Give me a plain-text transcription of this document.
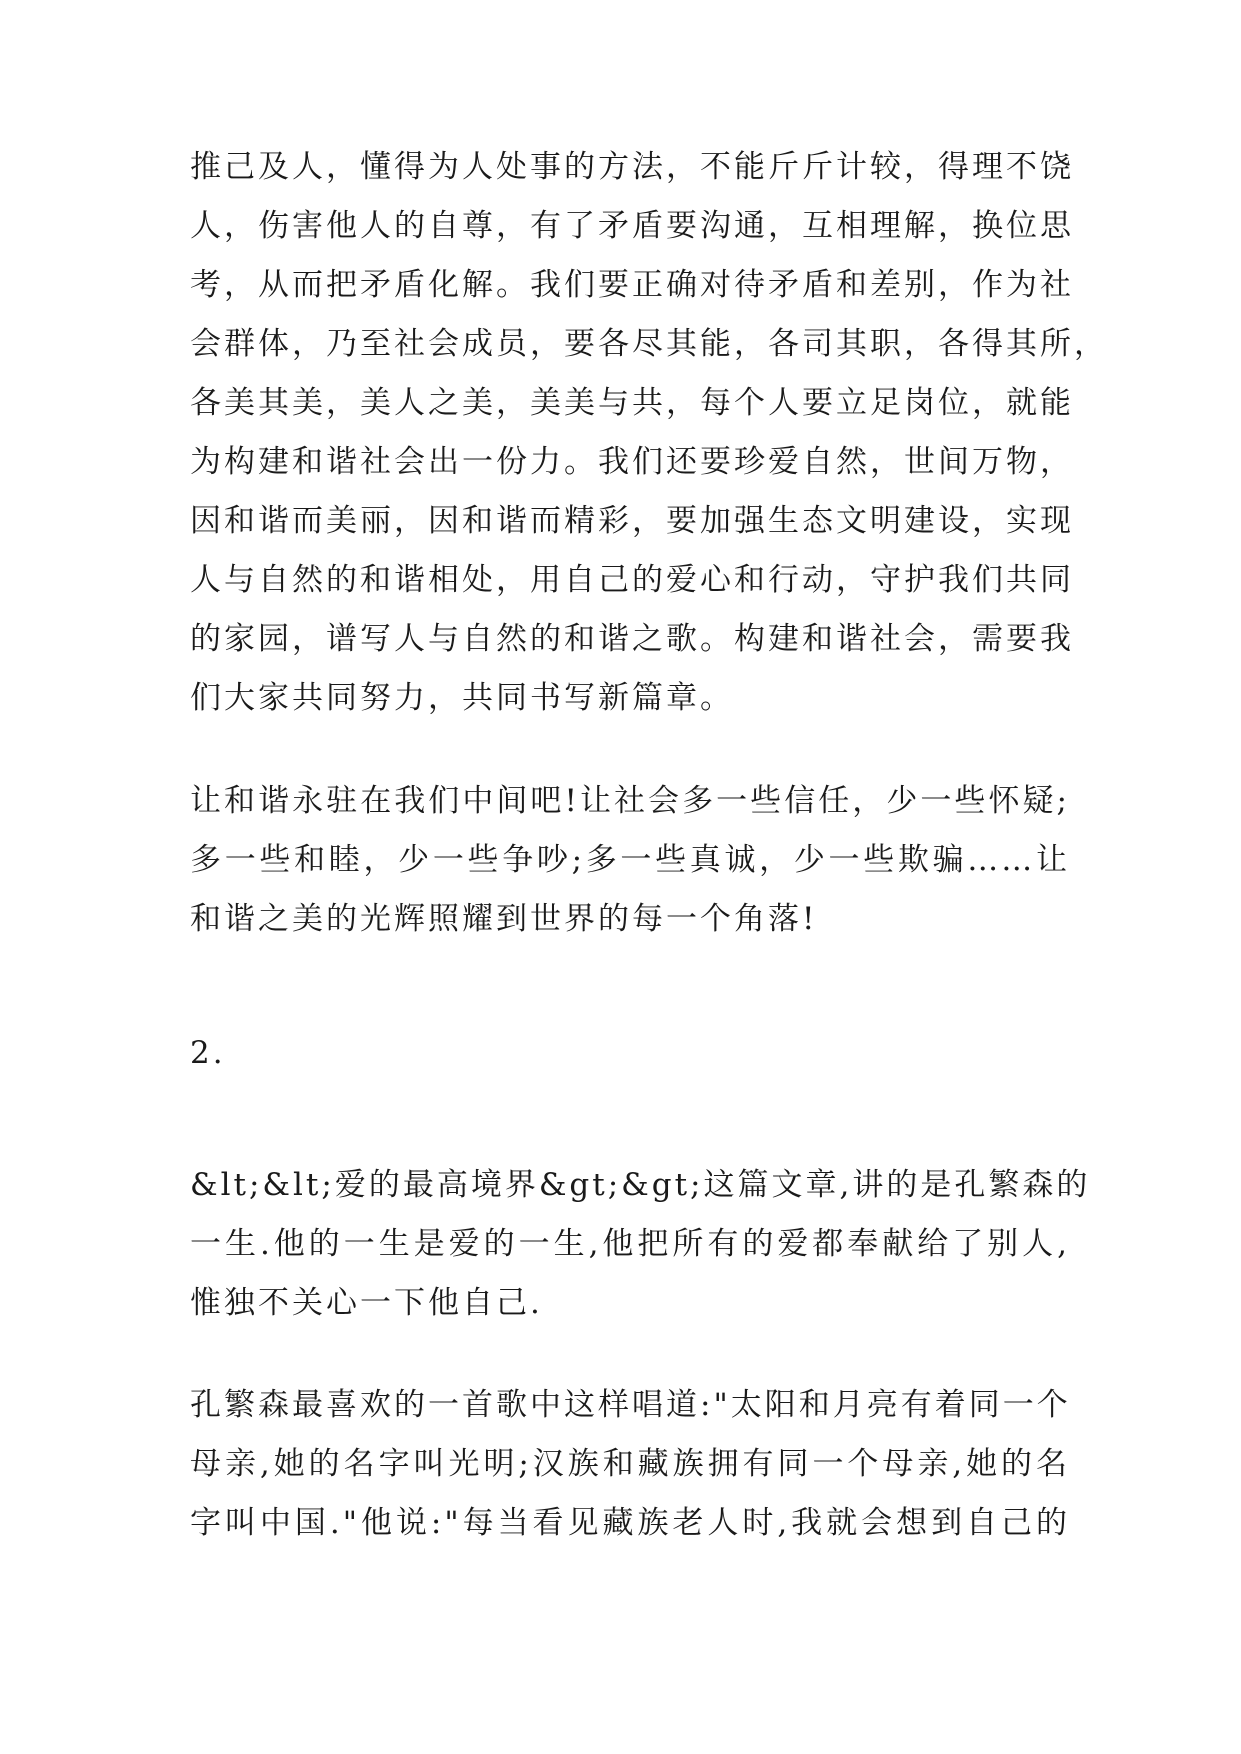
推己及人，懂得为人处事的方法，不能斤斤计较，得理不饶
人，伤害他人的自尊，有了矛盾要沟通，互相理解，换位思
考，从而把矛盾化解。我们要正确对待矛盾和差别，作为社
会群体，乃至社会成员，要各尽其能，各司其职，各得其所，
各美其美，美人之美，美美与共，每个人要立足岗位，就能
为构建和谐社会出一份力。我们还要珍爱自然，世间万物，
因和谐而美丽，因和谐而精彩，要加强生态文明建设，实现
人与自然的和谐相处，用自己的爱心和行动，守护我们共同
的家园，谱写人与自然的和谐之歌。构建和谐社会，需要我
们大家共同努力，共同书写新篇章。
让和谐永驻在我们中间吧!让社会多一些信任，少一些怀疑;
多一些和睦，少一些争吵;多一些真诚，少一些欺骗……让
和谐之美的光辉照耀到世界的每一个角落!
2.
&lt;&lt;爱的最高境界&gt;&gt;这篇文章,讲的是孔繁森的
一生.他的一生是爱的一生,他把所有的爱都奉献给了别人,
惟独不关心一下他自己.
孔繁森最喜欢的一首歌中这样唱道:"太阳和月亮有着同一个
母亲,她的名字叫光明;汉族和藏族拥有同一个母亲,她的名
字叫中国."他说:"每当看见藏族老人时,我就会想到自己的
